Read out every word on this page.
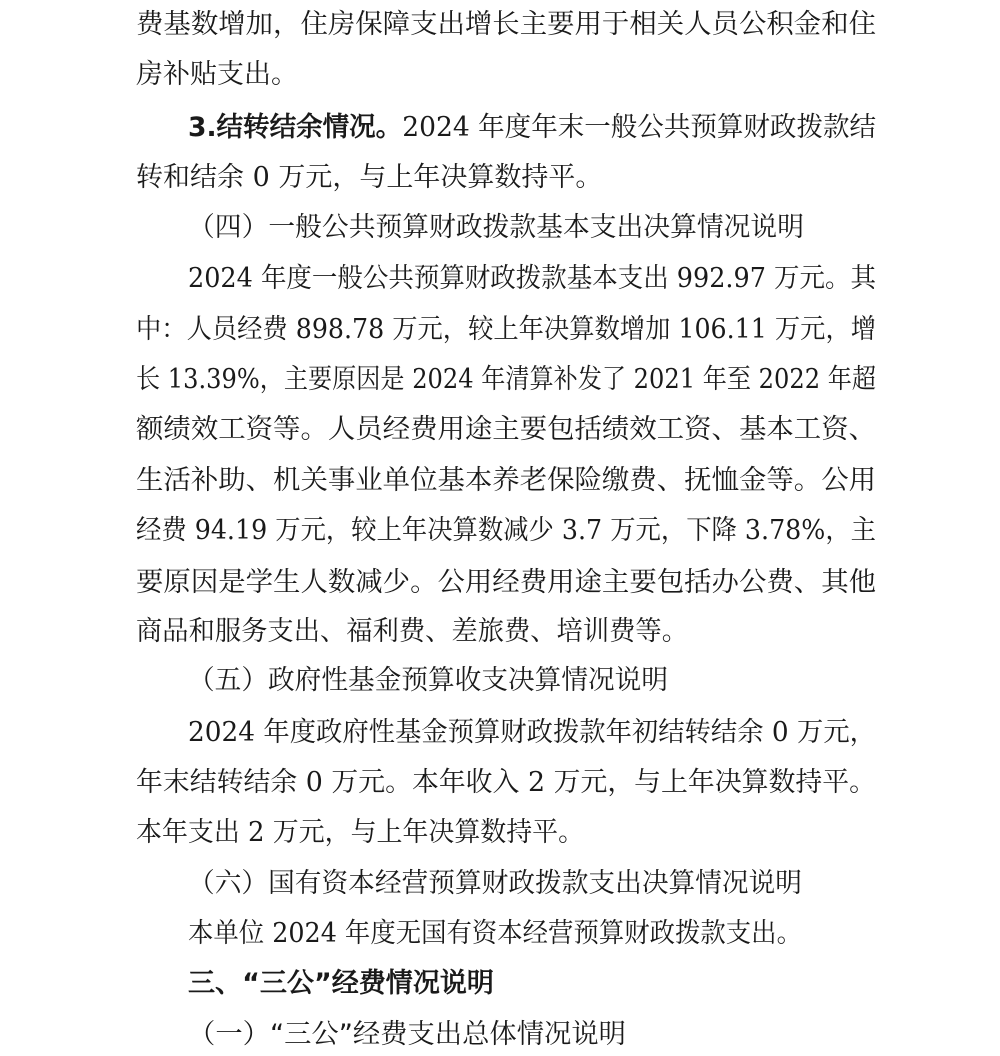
费基数增加，住房保障支出增长主要用于相关人员公积金和住
房补贴支出。
3.结转结余情况。2024 年度年末一般公共预算财政拨款结
转和结余 0 万元，与上年决算数持平。
（四）一般公共预算财政拨款基本支出决算情况说明
2024 年度一般公共预算财政拨款基本支出 992.97 万元。其
中：人员经费 898.78 万元，较上年决算数增加 106.11 万元，增
长 13.39%，主要原因是 2024 年清算补发了 2021 年至 2022 年超
额绩效工资等。人员经费用途主要包括绩效工资、基本工资、
生活补助、机关事业单位基本养老保险缴费、抚恤金等。公用
经费 94.19 万元，较上年决算数减少 3.7 万元，下降 3.78%，主
要原因是学生人数减少。公用经费用途主要包括办公费、其他
商品和服务支出、福利费、差旅费、培训费等。
（五）政府性基金预算收支决算情况说明
2024 年度政府性基金预算财政拨款年初结转结余 0 万元，
年末结转结余 0 万元。本年收入 2 万元，与上年决算数持平。
本年支出 2 万元，与上年决算数持平。
（六）国有资本经营预算财政拨款支出决算情况说明
本单位 2024 年度无国有资本经营预算财政拨款支出。
三、“三公”经费情况说明
（一）“三公”经费支出总体情况说明
